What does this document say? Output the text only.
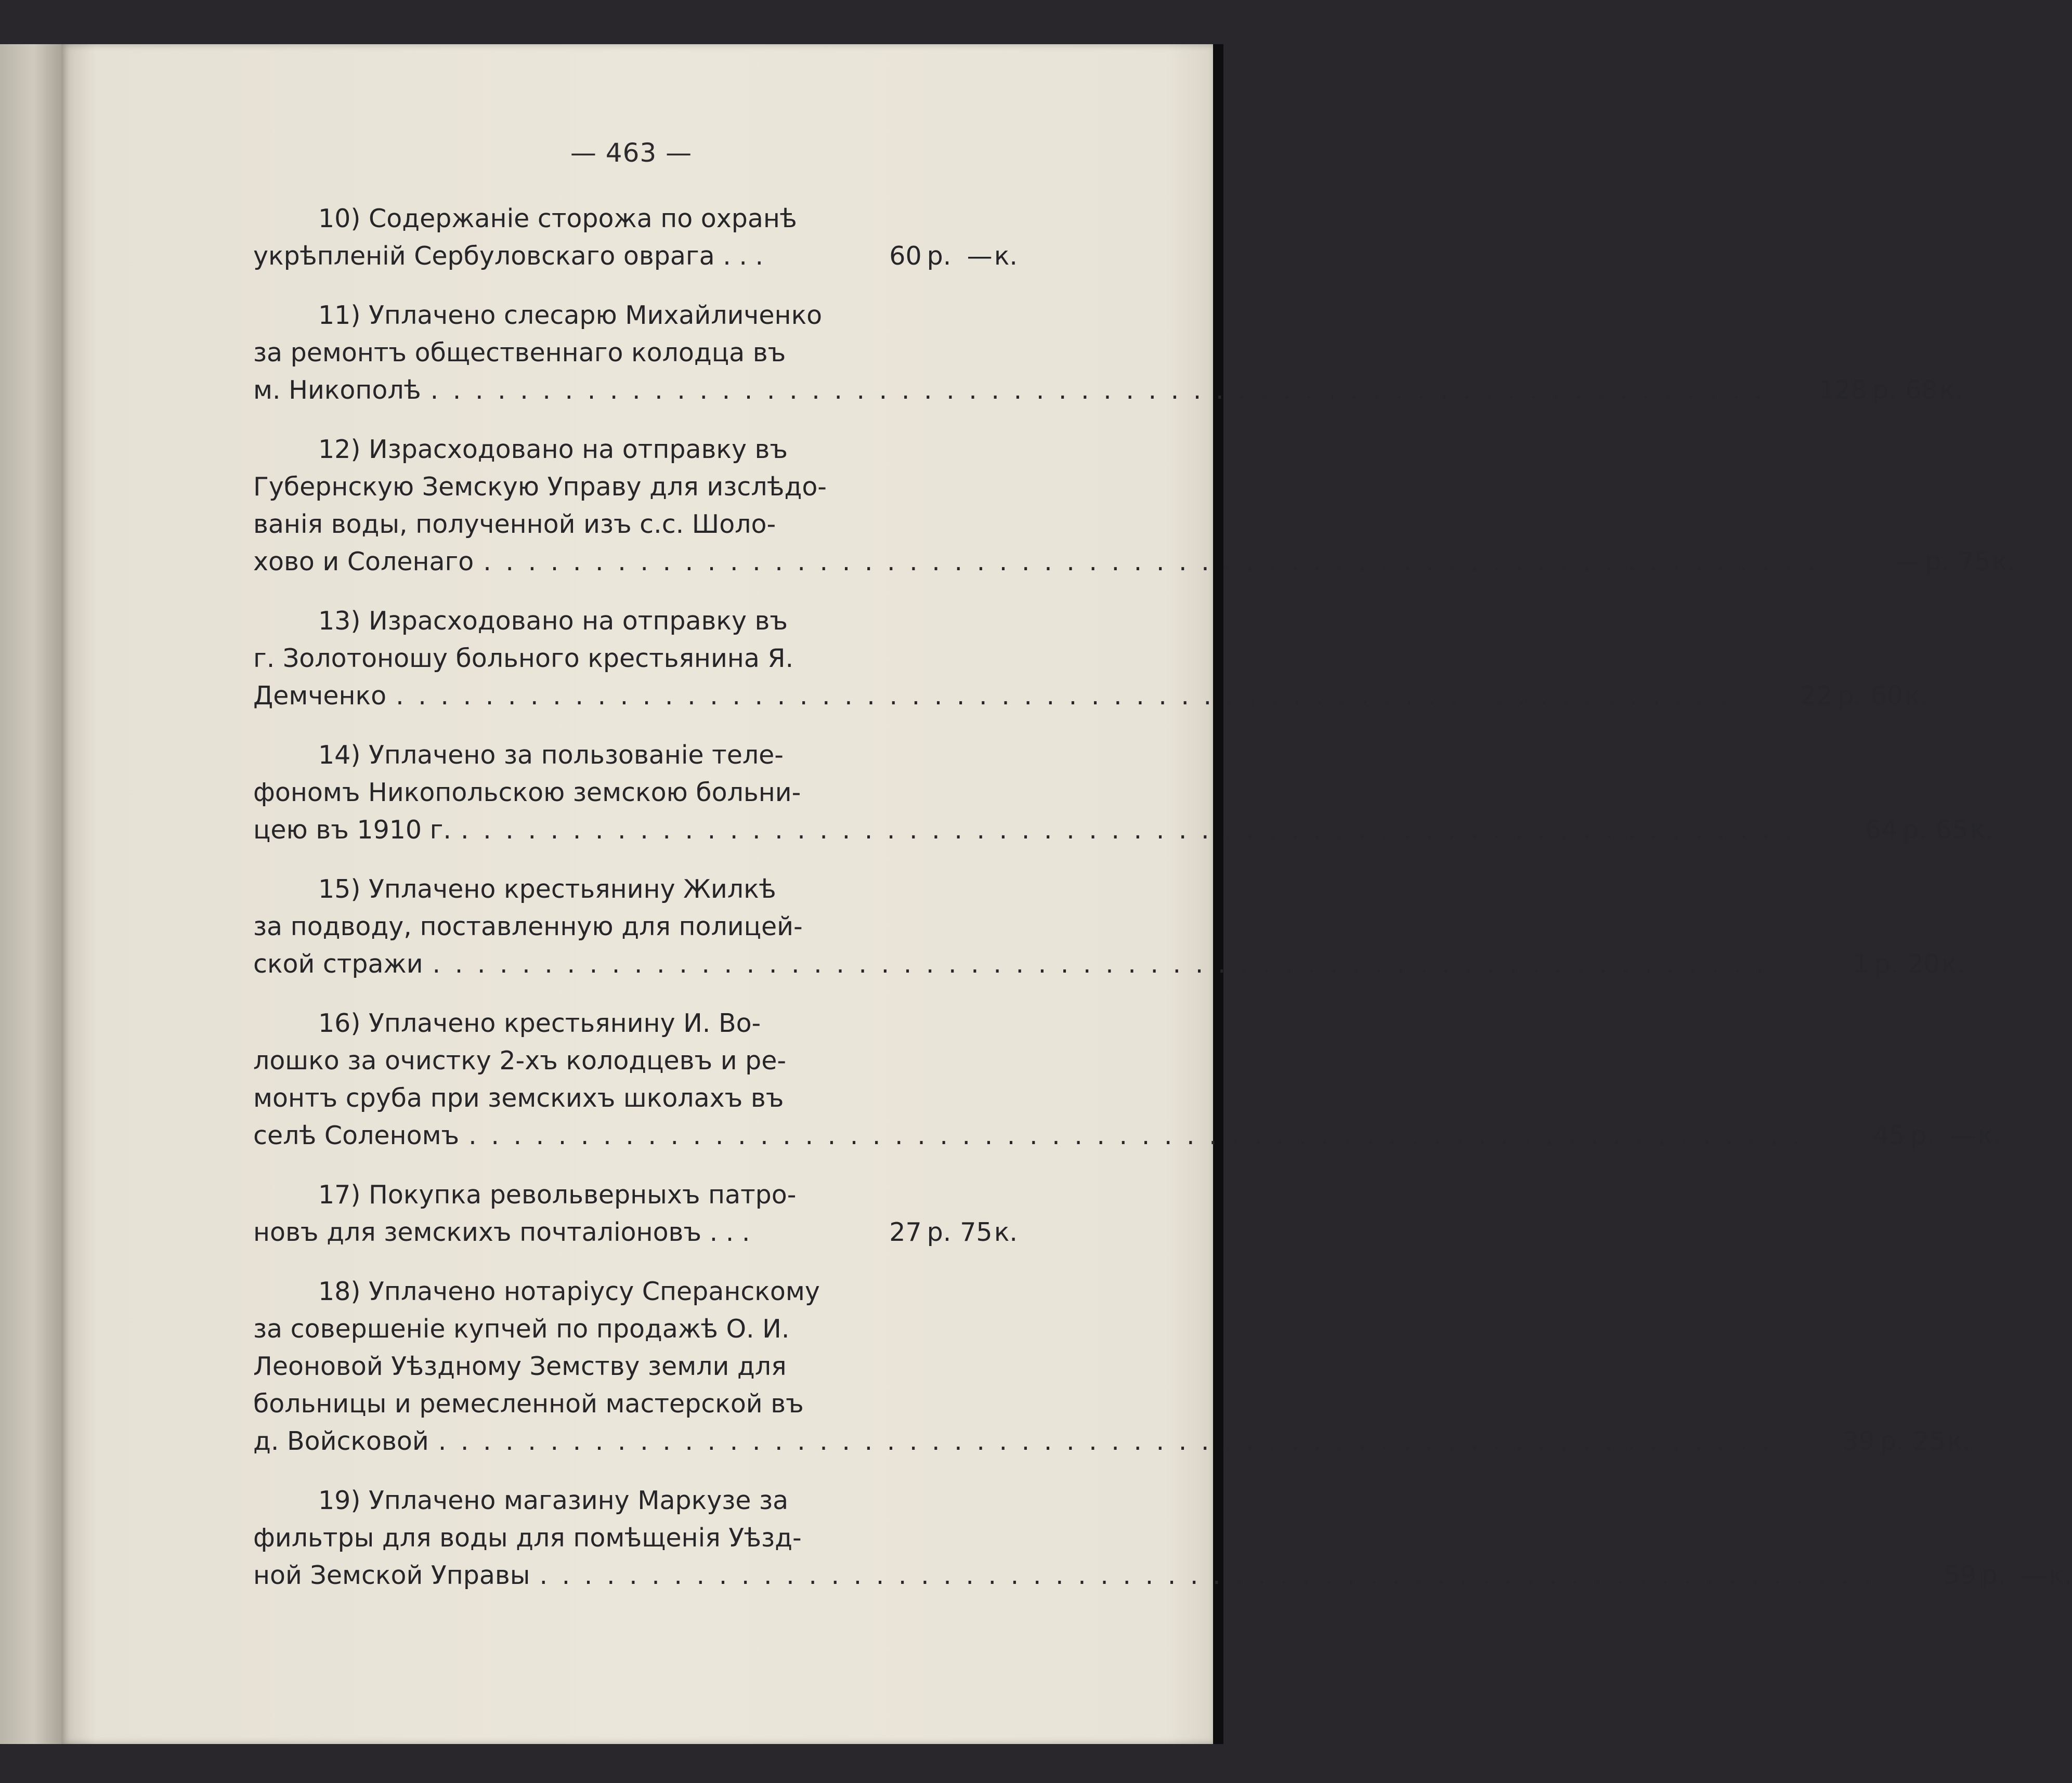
— 463 —
10) Содержанiе сторожа по охранѣ
укрѣпленiй Сербуловскаго оврага . . .	60 р. — к.
11) Уплачено слесарю Михайличенко
за ремонтъ общественнаго колодца въ
м. Никополѣ . . . . . . . . . . . . . . . . . . . . . . . . . . . . . . . . . . . . . . . . . . . . . . . . . . . . . . . . . . . .	128 р. 68 к.
12) Израсходовано на отправку въ
Губернскую Земскую Управу для изслѣдо-
ванiя воды, полученной изъ с.с. Шоло-
хово и Соленаго . . . . . . . . . . . . . . . . . . . . . . . . . . . . . . . . . . . . . . . . . . . . . . . . . . . . . . . . . . . .	— р. 75 к.
13) Израсходовано на отправку въ
г. Золотоношу больного крестьянина Я.
Демченко . . . . . . . . . . . . . . . . . . . . . . . . . . . . . . . . . . . . . . . . . . . . . . . . . . . . . . . . . . . .	22 р. 60 к.
14) Уплачено за пользованiе теле-
фономъ Никопольскою земскою больни-
цею въ 1910 г. . . . . . . . . . . . . . . . . . . . . . . . . . . . . . . . . . . . . . . . . . . . . . . . . . . . . . . . . . . . .	64 р. 65 к.
15) Уплачено крестьянину Жилкѣ
за подводу, поставленную для полицей-
ской стражи . . . . . . . . . . . . . . . . . . . . . . . . . . . . . . . . . . . . . . . . . . . . . . . . . . . . . . . . . . . .	1 р. 20 к.
16) Уплачено крестьянину И. Во-
лошко за очистку 2-хъ колодцевъ и ре-
монтъ сруба при земскихъ школахъ въ
селѣ Соленомъ . . . . . . . . . . . . . . . . . . . . . . . . . . . . . . . . . . . . . . . . . . . . . . . . . . . . . . . . . . . .	45 р. — к.
17) Покупка револьверныхъ патро-
новъ для земскихъ почталiоновъ . . .	27 р. 75 к.
18) Уплачено нотарiусу Сперанскому
за совершенiе купчей по продажѣ О. И.
Леоновой Уѣздному Земству земли для
больницы и ремесленной мастерской въ
д. Войсковой . . . . . . . . . . . . . . . . . . . . . . . . . . . . . . . . . . . . . . . . . . . . . . . . . . . . . . . . . . . .	39 р. 25 к.
19) Уплачено магазину Маркузе за
фильтры для воды для помѣщенiя Уѣзд-
ной Земской Управы . . . . . . . . . . . . . . . . . . . . . . . . . . . . . . . . . . . . . . . . . . . . . . . . . . . . . . . . . . . .	59 р. — к.
